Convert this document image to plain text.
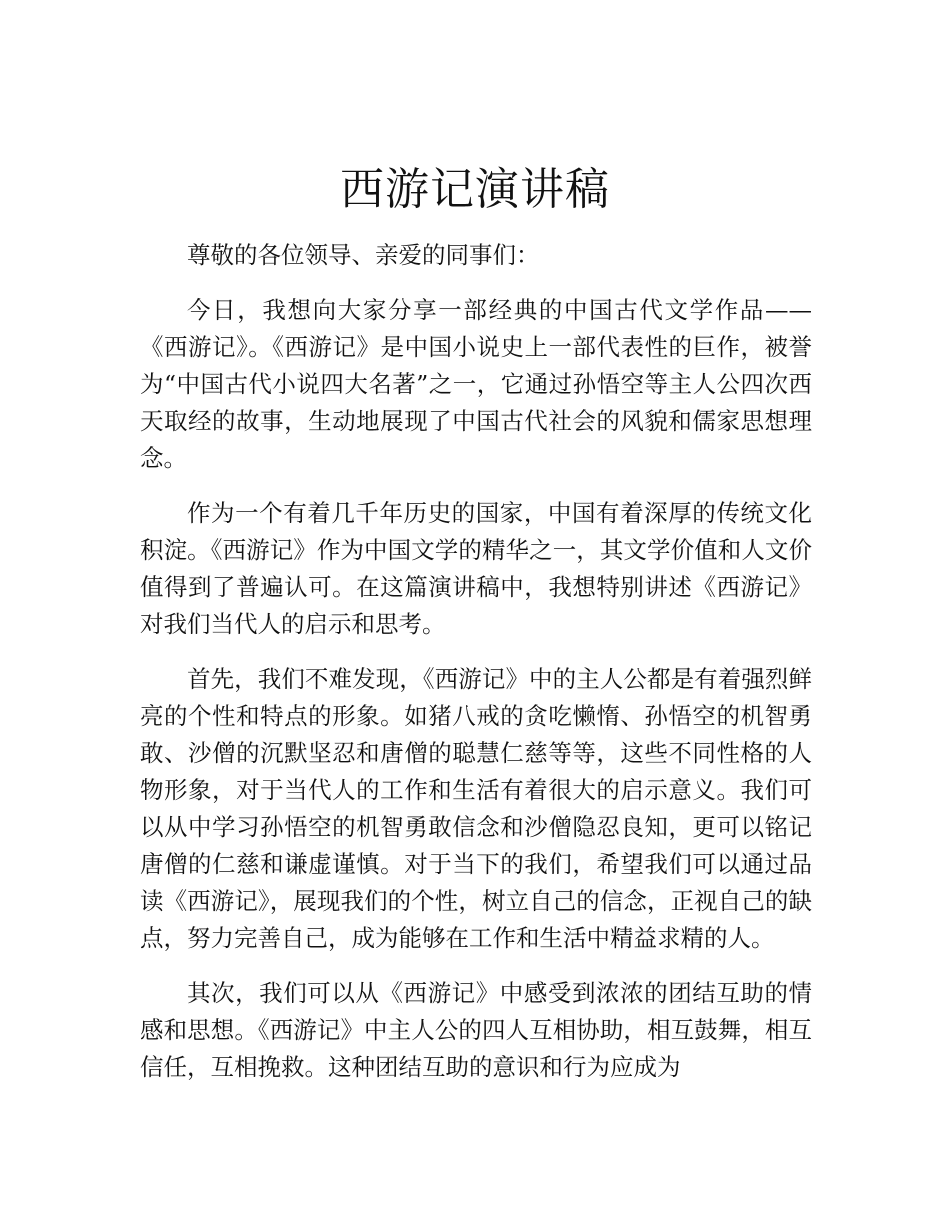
西游记演讲稿

尊敬的各位领导、亲爱的同事们：

今日，我想向大家分享一部经典的中国古代文学作品——《西游记》。《西游记》是中国小说史上一部代表性的巨作，被誉为“中国古代小说四大名著”之一，它通过孙悟空等主人公四次西天取经的故事，生动地展现了中国古代社会的风貌和儒家思想理念。

作为一个有着几千年历史的国家，中国有着深厚的传统文化积淀。《西游记》作为中国文学的精华之一，其文学价值和人文价值得到了普遍认可。在这篇演讲稿中，我想特别讲述《西游记》对我们当代人的启示和思考。

首先，我们不难发现，《西游记》中的主人公都是有着强烈鲜亮的个性和特点的形象。如猪八戒的贪吃懒惰、孙悟空的机智勇敢、沙僧的沉默坚忍和唐僧的聪慧仁慈等等，这些不同性格的人物形象，对于当代人的工作和生活有着很大的启示意义。我们可以从中学习孙悟空的机智勇敢信念和沙僧隐忍良知，更可以铭记唐僧的仁慈和谦虚谨慎。对于当下的我们，希望我们可以通过品读《西游记》，展现我们的个性，树立自己的信念，正视自己的缺点，努力完善自己，成为能够在工作和生活中精益求精的人。

其次，我们可以从《西游记》中感受到浓浓的团结互助的情感和思想。《西游记》中主人公的四人互相协助，相互鼓舞，相互信任，互相挽救。这种团结互助的意识和行为应成为
